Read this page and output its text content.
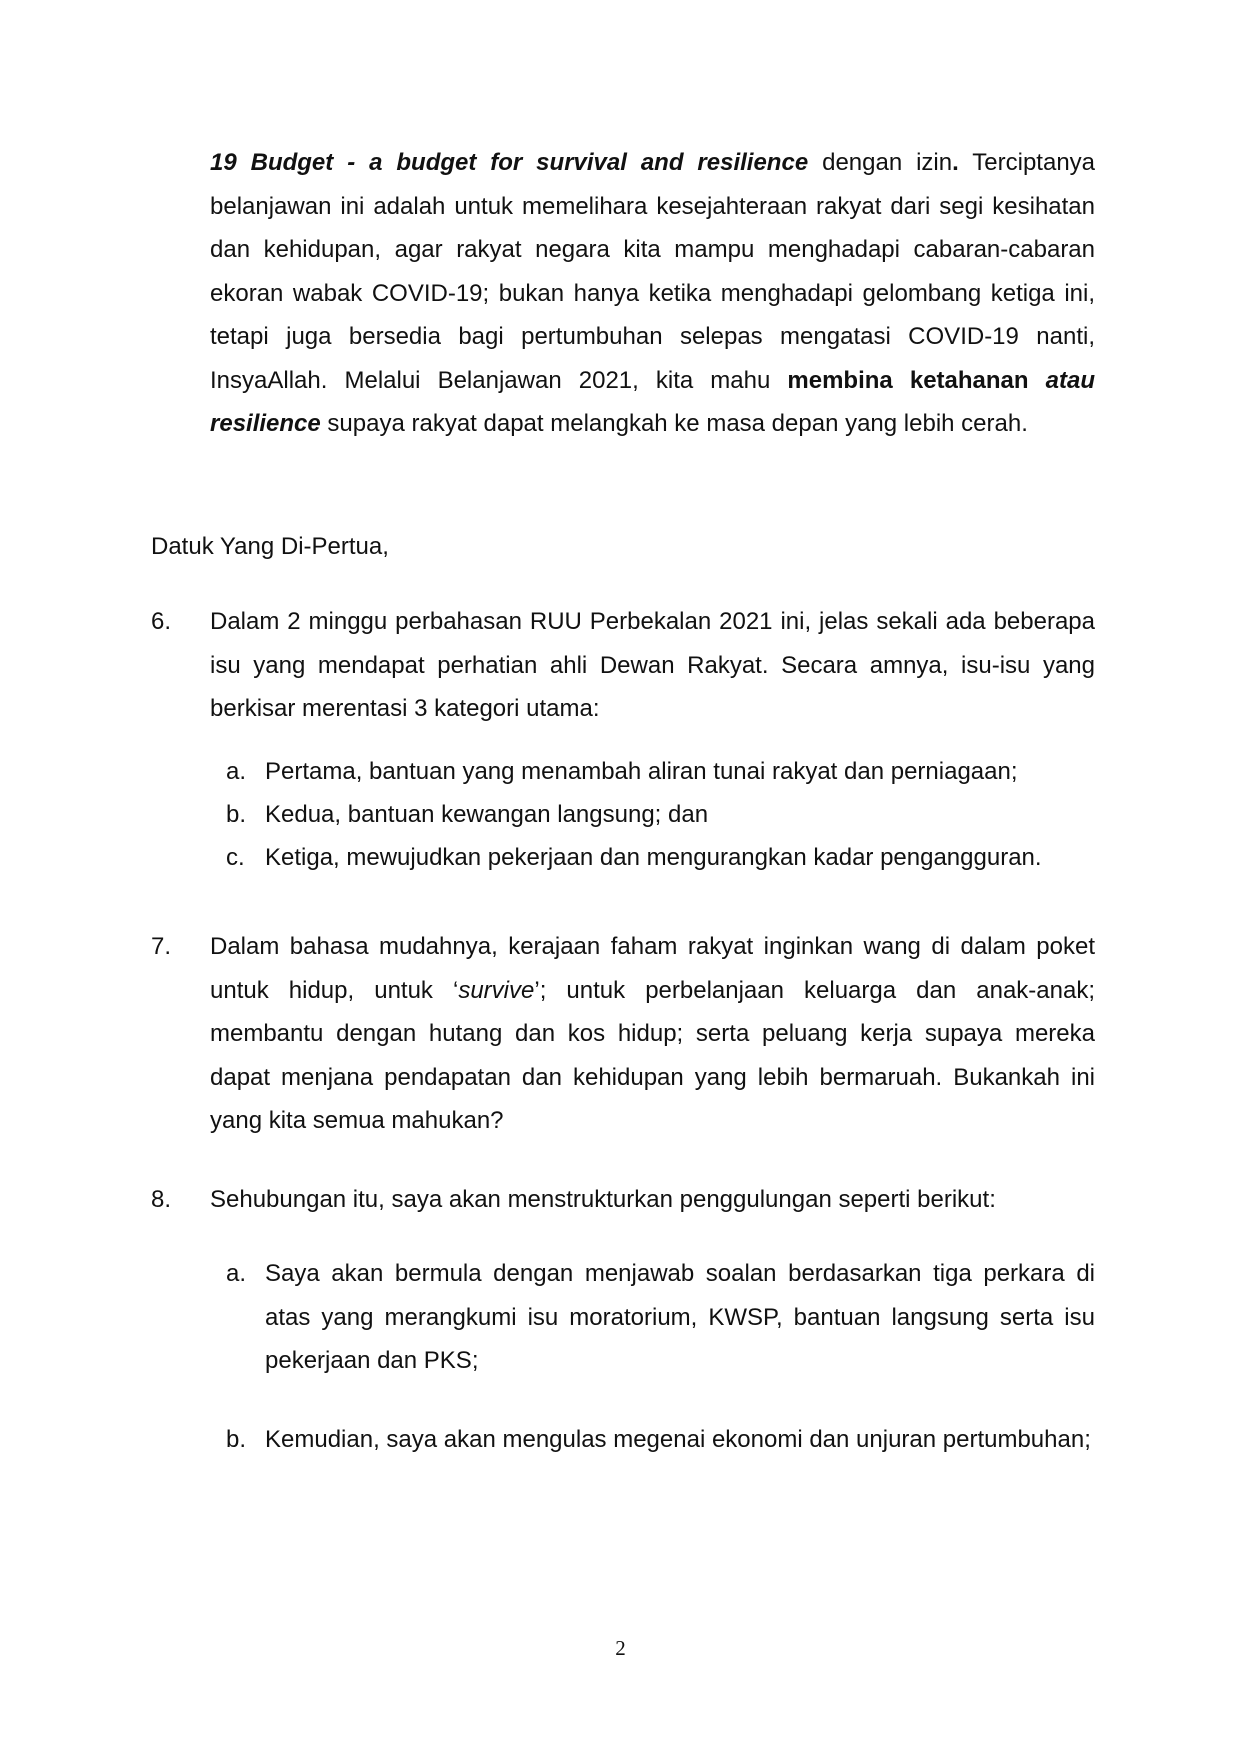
19 Budget - a budget for survival and resilience dengan izin. Terciptanya belanjawan ini adalah untuk memelihara kesejahteraan rakyat dari segi kesihatan dan kehidupan, agar rakyat negara kita mampu menghadapi cabaran-cabaran ekoran wabak COVID-19; bukan hanya ketika menghadapi gelombang ketiga ini, tetapi juga bersedia bagi pertumbuhan selepas mengatasi COVID-19 nanti, InsyaAllah. Melalui Belanjawan 2021, kita mahu membina ketahanan atau resilience supaya rakyat dapat melangkah ke masa depan yang lebih cerah.

Datuk Yang Di-Pertua,
6. Dalam 2 minggu perbahasan RUU Perbekalan 2021 ini, jelas sekali ada beberapa isu yang mendapat perhatian ahli Dewan Rakyat. Secara amnya, isu-isu yang berkisar merentasi 3 kategori utama:

a. Pertama, bantuan yang menambah aliran tunai rakyat dan perniagaan;

b. Kedua, bantuan kewangan langsung; dan

c. Ketiga, mewujudkan pekerjaan dan mengurangkan kadar pengangguran.

7. Dalam bahasa mudahnya, kerajaan faham rakyat inginkan wang di dalam poket untuk hidup, untuk ‘survive’; untuk perbelanjaan keluarga dan anak-anak; membantu dengan hutang dan kos hidup; serta peluang kerja supaya mereka dapat menjana pendapatan dan kehidupan yang lebih bermaruah. Bukankah ini yang kita semua mahukan?

8. Sehubungan itu, saya akan menstrukturkan penggulungan seperti berikut:

a. Saya akan bermula dengan menjawab soalan berdasarkan tiga perkara di atas yang merangkumi isu moratorium, KWSP, bantuan langsung serta isu pekerjaan dan PKS;

b. Kemudian, saya akan mengulas megenai ekonomi dan unjuran pertumbuhan;

2
